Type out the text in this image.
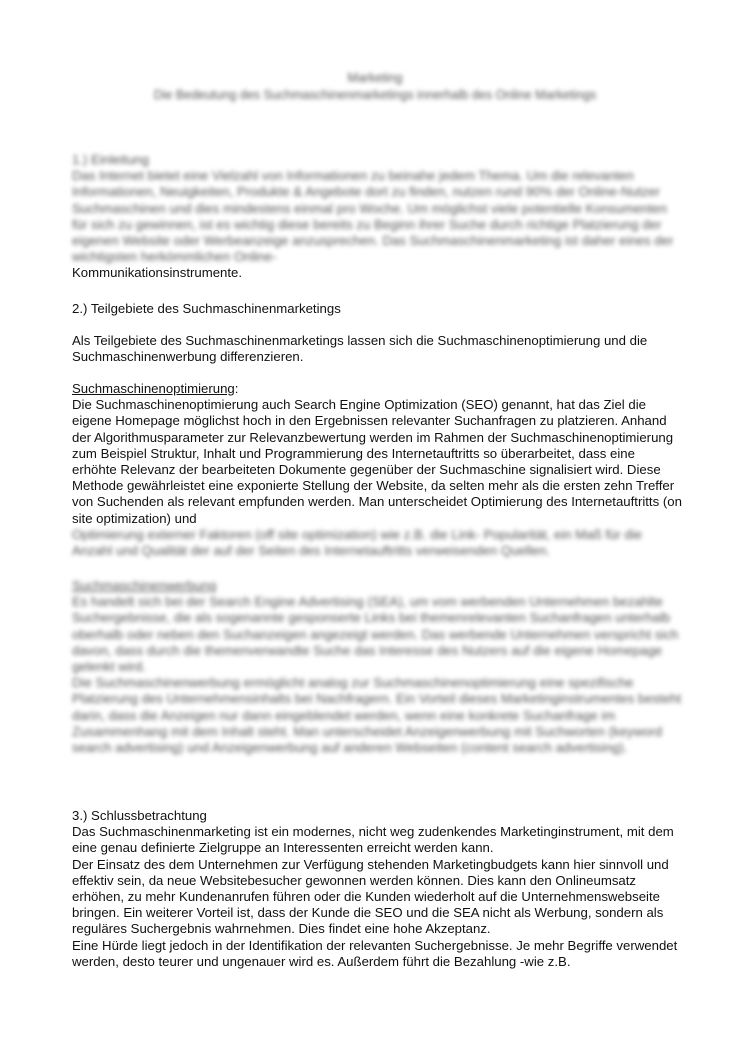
Marketing
Die Bedeutung des Suchmaschinenmarketings innerhalb des Online Marketings
1.) Einleitung

Das Internet bietet eine Vielzahl von Informationen zu beinahe jedem Thema. Um die relevanten Informationen, Neuigkeiten, Produkte & Angebote dort zu finden, nutzen rund 90% der Online-Nutzer Suchmaschinen und dies mindestens einmal pro Woche. Um möglichst viele potentielle Konsumenten für sich zu gewinnen, ist es wichtig diese bereits zu Beginn ihrer Suche durch richtige Platzierung der eigenen Website oder Werbeanzeige anzusprechen. Das Suchmaschinenmarketing ist daher eines der wichtigsten herkömmlichen Online-

Kommunikationsinstrumente.

2.) Teilgebiete des Suchmaschinenmarketings

Als Teilgebiete des Suchmaschinenmarketings lassen sich die Suchmaschinenoptimierung und die Suchmaschinenwerbung differenzieren.

Suchmaschinenoptimierung:

Die Suchmaschinenoptimierung auch Search Engine Optimization (SEO) genannt, hat das Ziel die eigene Homepage möglichst hoch in den Ergebnissen relevanter Suchanfragen zu platzieren. Anhand der Algorithmusparameter zur Relevanzbewertung werden im Rahmen der Suchmaschinenoptimierung zum Beispiel Struktur, Inhalt und Programmierung des Internetauftritts so überarbeitet, dass eine erhöhte Relevanz der bearbeiteten Dokumente gegenüber der Suchmaschine signalisiert wird. Diese Methode gewährleistet eine exponierte Stellung der Website, da selten mehr als die ersten zehn Treffer von Suchenden als relevant empfunden werden. Man unterscheidet Optimierung des Internetauftritts (on site optimization) und

Optimierung externer Faktoren (off site optimization) wie z.B. die Link- Popularität, ein Maß für die Anzahl und Qualität der auf der Seiten des Internetauftritts verweisenden Quellen.

Suchmaschinenwerbung

Es handelt sich bei der Search Engine Advertising (SEA), um vom werbenden Unternehmen bezahlte Suchergebnisse, die als sogenannte gesponserte Links bei themenrelevanten Suchanfragen unterhalb oberhalb oder neben den Suchanzeigen angezeigt werden. Das werbende Unternehmen verspricht sich davon, dass durch die themenverwandte Suche das Interesse des Nutzers auf die eigene Homepage gelenkt wird.

Die Suchmaschinenwerbung ermöglicht analog zur Suchmaschinenoptimierung eine spezifische Platzierung des Unternehmensinhalts bei Nachfragern. Ein Vorteil dieses Marketinginstrumentes besteht darin, dass die Anzeigen nur dann eingeblendet werden, wenn eine konkrete Suchanfrage im Zusammenhang mit dem Inhalt steht. Man unterscheidet Anzeigenwerbung mit Suchworten (keyword search advertising) und Anzeigenwerbung auf anderen Webseiten (content search advertising).

3.) Schlussbetrachtung

Das Suchmaschinenmarketing ist ein modernes, nicht weg zudenkendes Marketinginstrument, mit dem eine genau definierte Zielgruppe an Interessenten erreicht werden kann.

Der Einsatz des dem Unternehmen zur Verfügung stehenden Marketingbudgets kann hier sinnvoll und effektiv sein, da neue Websitebesucher gewonnen werden können. Dies kann den Onlineumsatz erhöhen, zu mehr Kundenanrufen führen oder die Kunden wiederholt auf die Unternehmenswebseite bringen. Ein weiterer Vorteil ist, dass der Kunde die SEO und die SEA nicht als Werbung, sondern als reguläres Suchergebnis wahrnehmen. Dies findet eine hohe Akzeptanz.

Eine Hürde liegt jedoch in der Identifikation der relevanten Suchergebnisse. Je mehr Begriffe verwendet werden, desto teurer und ungenauer wird es. Außerdem führt die Bezahlung -wie z.B.
